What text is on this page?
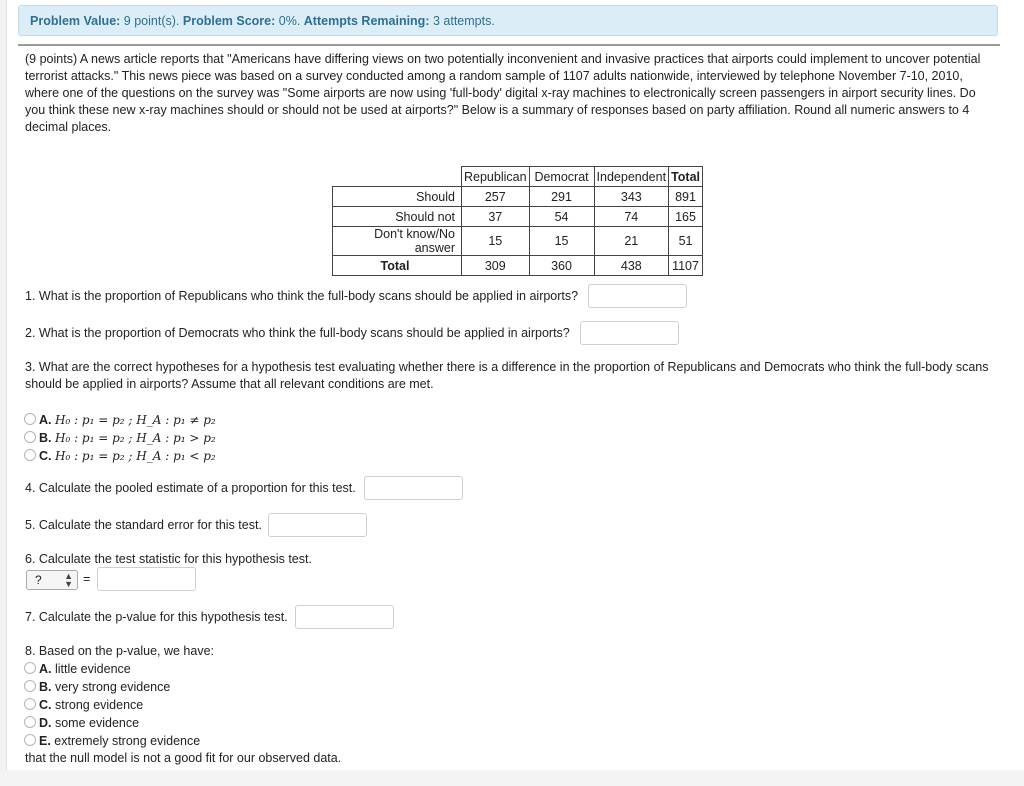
Problem Value: 9 point(s). Problem Score: 0%. Attempts Remaining: 3 attempts.
(9 points) A news article reports that "Americans have differing views on two potentially inconvenient and invasive practices that airports could implement to uncover potential terrorist attacks." This news piece was based on a survey conducted among a random sample of 1107 adults nationwide, interviewed by telephone November 7-10, 2010, where one of the questions on the survey was "Some airports are now using 'full-body' digital x-ray machines to electronically screen passengers in airport security lines. Do you think these new x-ray machines should or should not be used at airports?" Below is a summary of responses based on party affiliation. Round all numeric answers to 4 decimal places.
	Republican	Democrat	Independent	Total
Should	257	291	343	891
Should not	37	54	74	165
Don't know/No answer	15	15	21	51
Total	309	360	438	1107
1. What is the proportion of Republicans who think the full-body scans should be applied in airports?
2. What is the proportion of Democrats who think the full-body scans should be applied in airports?
3. What are the correct hypotheses for a hypothesis test evaluating whether there is a difference in the proportion of Republicans and Democrats who think the full-body scans should be applied in airports? Assume that all relevant conditions are met.
A. H₀ : p₁ = p₂ ; H_A : p₁ ≠ p₂
B. H₀ : p₁ = p₂ ; H_A : p₁ > p₂
C. H₀ : p₁ = p₂ ; H_A : p₁ < p₂
4. Calculate the pooled estimate of a proportion for this test.
5. Calculate the standard error for this test.
6. Calculate the test statistic for this hypothesis test.
? ▲
▼ =
7. Calculate the p-value for this hypothesis test.
8. Based on the p-value, we have:
A. little evidence
B. very strong evidence
C. strong evidence
D. some evidence
E. extremely strong evidence
that the null model is not a good fit for our observed data.
